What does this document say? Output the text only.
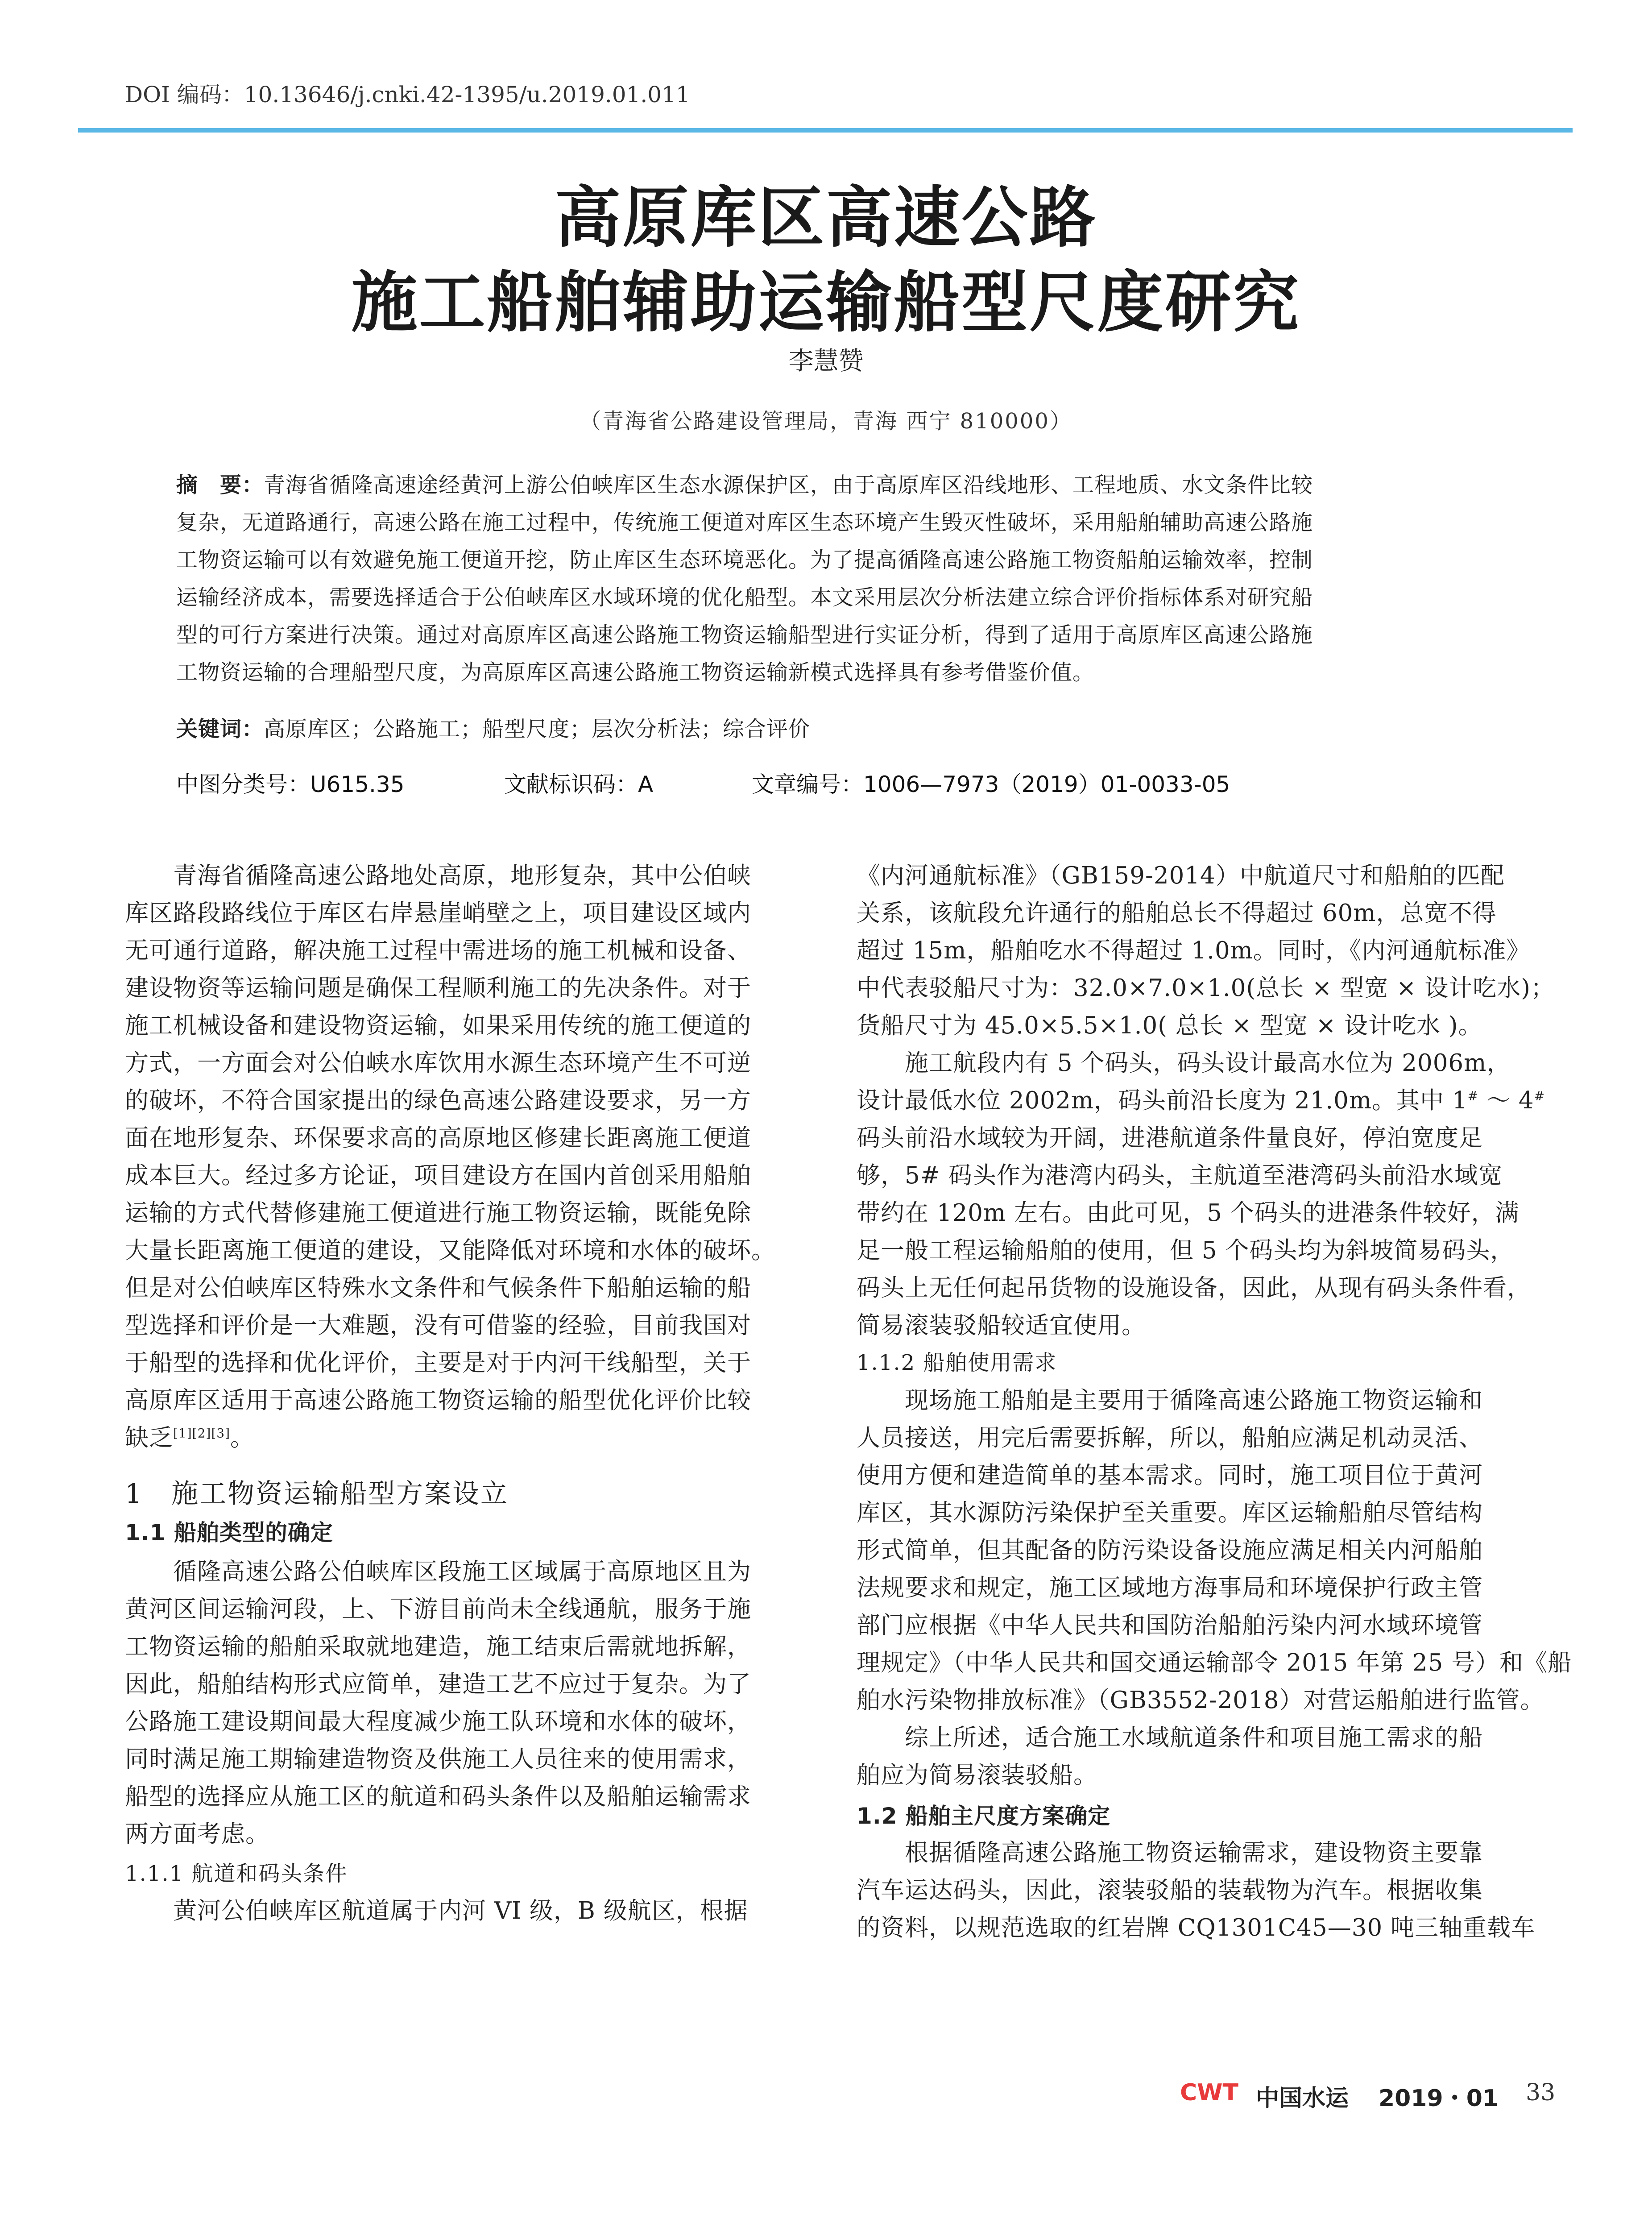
DOI 编码：10.13646/j.cnki.42-1395/u.2019.01.011
高原库区高速公路
施工船舶辅助运输船型尺度研究
李慧赞
（青海省公路建设管理局，青海 西宁 810000）
摘　要：青海省循隆高速途经黄河上游公伯峡库区生态水源保护区，由于高原库区沿线地形、工程地质、水文条件比较
复杂，无道路通行，高速公路在施工过程中，传统施工便道对库区生态环境产生毁灭性破坏，采用船舶辅助高速公路施
工物资运输可以有效避免施工便道开挖，防止库区生态环境恶化。为了提高循隆高速公路施工物资船舶运输效率，控制
运输经济成本，需要选择适合于公伯峡库区水域环境的优化船型。本文采用层次分析法建立综合评价指标体系对研究船
型的可行方案进行决策。通过对高原库区高速公路施工物资运输船型进行实证分析，得到了适用于高原库区高速公路施
工物资运输的合理船型尺度，为高原库区高速公路施工物资运输新模式选择具有参考借鉴价值。
关键词：高原库区；公路施工；船型尺度；层次分析法；综合评价
中图分类号：U615.35	文献标识码：A	文章编号：1006—7973（2019）01-0033-05
　　青海省循隆高速公路地处高原，地形复杂，其中公伯峡
库区路段路线位于库区右岸悬崖峭壁之上，项目建设区域内
无可通行道路，解决施工过程中需进场的施工机械和设备、
建设物资等运输问题是确保工程顺利施工的先决条件。对于
施工机械设备和建设物资运输，如果采用传统的施工便道的
方式，一方面会对公伯峡水库饮用水源生态环境产生不可逆
的破坏，不符合国家提出的绿色高速公路建设要求，另一方
面在地形复杂、环保要求高的高原地区修建长距离施工便道
成本巨大。经过多方论证，项目建设方在国内首创采用船舶
运输的方式代替修建施工便道进行施工物资运输，既能免除
大量长距离施工便道的建设，又能降低对环境和水体的破坏。
但是对公伯峡库区特殊水文条件和气候条件下船舶运输的船
型选择和评价是一大难题，没有可借鉴的经验，目前我国对
于船型的选择和优化评价，主要是对于内河干线船型，关于
高原库区适用于高速公路施工物资运输的船型优化评价比较
缺乏[1][2][3]。
1　施工物资运输船型方案设立
1.1 船舶类型的确定
　　循隆高速公路公伯峡库区段施工区域属于高原地区且为
黄河区间运输河段，上、下游目前尚未全线通航，服务于施
工物资运输的船舶采取就地建造，施工结束后需就地拆解，
因此，船舶结构形式应简单，建造工艺不应过于复杂。为了
公路施工建设期间最大程度减少施工队环境和水体的破坏，
同时满足施工期输建造物资及供施工人员往来的使用需求，
船型的选择应从施工区的航道和码头条件以及船舶运输需求
两方面考虑。
1.1.1 航道和码头条件
　　黄河公伯峡库区航道属于内河 VI 级，B 级航区，根据
《内河通航标准》（GB159-2014）中航道尺寸和船舶的匹配
关系，该航段允许通行的船舶总长不得超过 60m，总宽不得
超过 15m，船舶吃水不得超过 1.0m。同时，《内河通航标准》
中代表驳船尺寸为：32.0×7.0×1.0(总长 × 型宽 × 设计吃水)；
货船尺寸为 45.0×5.5×1.0( 总长 × 型宽 × 设计吃水 )。
　　施工航段内有 5 个码头，码头设计最高水位为 2006m，
设计最低水位 2002m，码头前沿长度为 21.0m。其中 1# ～ 4#
码头前沿水域较为开阔，进港航道条件量良好，停泊宽度足
够，5# 码头作为港湾内码头，主航道至港湾码头前沿水域宽
带约在 120m 左右。由此可见，5 个码头的进港条件较好，满
足一般工程运输船舶的使用，但 5 个码头均为斜坡简易码头，
码头上无任何起吊货物的设施设备，因此，从现有码头条件看，
简易滚装驳船较适宜使用。
1.1.2 船舶使用需求
　　现场施工船舶是主要用于循隆高速公路施工物资运输和
人员接送，用完后需要拆解，所以，船舶应满足机动灵活、
使用方便和建造简单的基本需求。同时，施工项目位于黄河
库区，其水源防污染保护至关重要。库区运输船舶尽管结构
形式简单，但其配备的防污染设备设施应满足相关内河船舶
法规要求和规定，施工区域地方海事局和环境保护行政主管
部门应根据《中华人民共和国防治船舶污染内河水域环境管
理规定》（中华人民共和国交通运输部令 2015 年第 25 号）和《船
舶水污染物排放标准》（GB3552-2018）对营运船舶进行监管。
　　综上所述，适合施工水域航道条件和项目施工需求的船
舶应为简易滚装驳船。
1.2 船舶主尺度方案确定
　　根据循隆高速公路施工物资运输需求，建设物资主要靠
汽车运达码头，因此，滚装驳船的装载物为汽车。根据收集
的资料，以规范选取的红岩牌 CQ1301C45—30 吨三轴重载车
CWT 中国水运 2019・01 33
